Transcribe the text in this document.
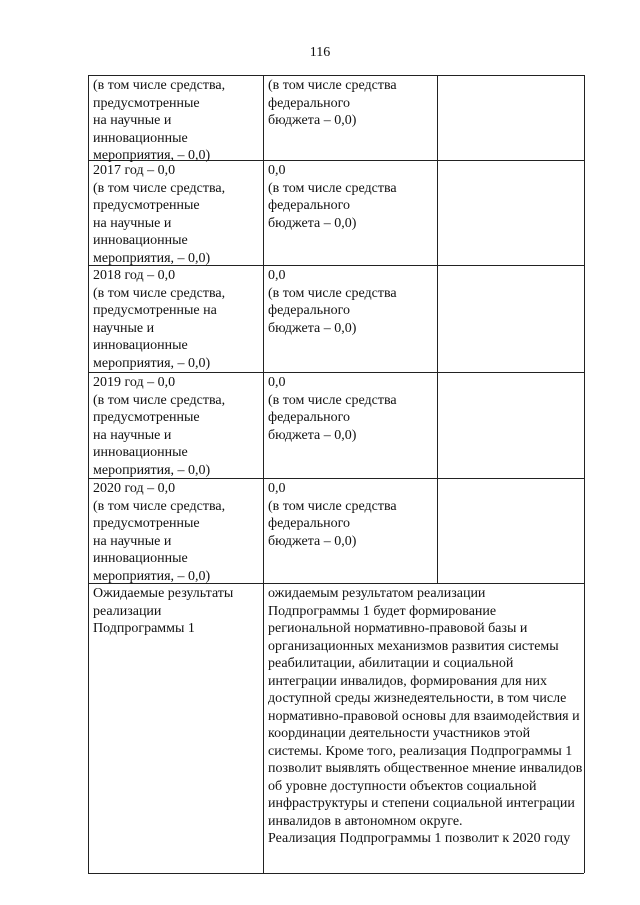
116
(в том числе средства,
предусмотренные
на научные и
инновационные
мероприятия, – 0,0)
(в том числе средства
федерального
бюджета – 0,0)
2017 год – 0,0
(в том числе средства,
предусмотренные
на научные и
инновационные
мероприятия, – 0,0)
0,0
(в том числе средства
федерального
бюджета – 0,0)
2018 год – 0,0
(в том числе средства,
предусмотренные на
научные и
инновационные
мероприятия, – 0,0)
0,0
(в том числе средства
федерального
бюджета – 0,0)
2019 год – 0,0
(в том числе средства,
предусмотренные
на научные и
инновационные
мероприятия, – 0,0)
0,0
(в том числе средства
федерального
бюджета – 0,0)
2020 год – 0,0
(в том числе средства,
предусмотренные
на научные и
инновационные
мероприятия, – 0,0)
0,0
(в том числе средства
федерального
бюджета – 0,0)
Ожидаемые результаты
реализации
Подпрограммы 1
ожидаемым результатом реализации
Подпрограммы 1 будет формирование
региональной нормативно-правовой базы и
организационных механизмов развития системы
реабилитации, абилитации и социальной
интеграции инвалидов, формирования для них
доступной среды жизнедеятельности, в том числе
нормативно-правовой основы для взаимодействия и
координации деятельности участников этой
системы. Кроме того, реализация Подпрограммы 1
позволит выявлять общественное мнение инвалидов
об уровне доступности объектов социальной
инфраструктуры и степени социальной интеграции
инвалидов в автономном округе.
Реализация Подпрограммы 1 позволит к 2020 году
